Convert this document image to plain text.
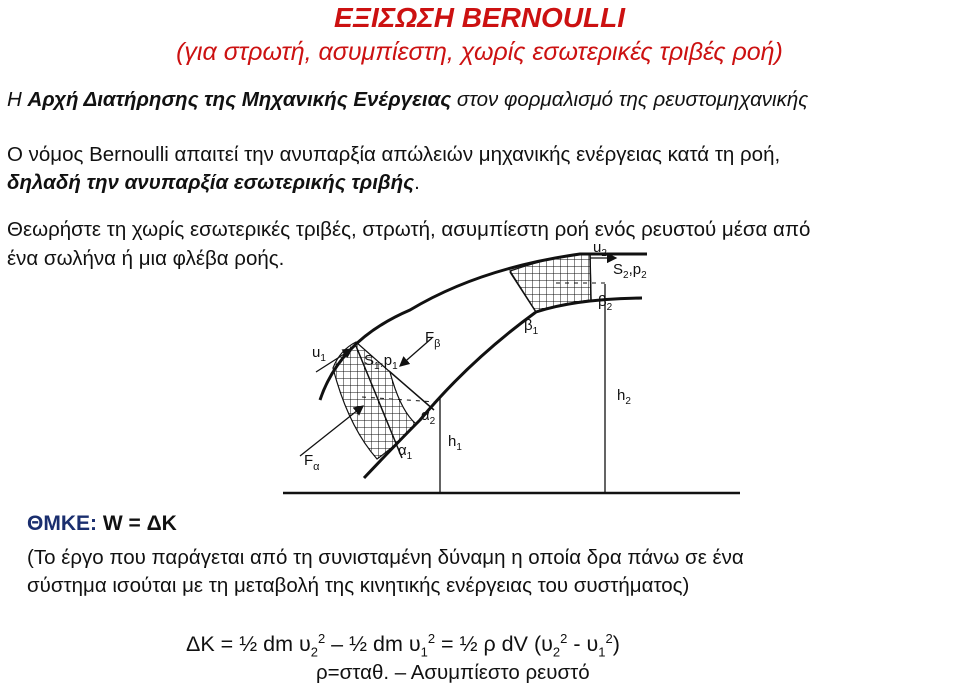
ΕΞΙΣΩΣΗ BERNOULLI
(για στρωτή, ασυμπίεστη, χωρίς εσωτερικές τριβές ροή)
Η Αρχή Διατήρησης της Μηχανικής Ενέργειας στον φορμαλισμό της ρευστομηχανικής
Ο νόμος Bernoulli απαιτεί την ανυπαρξία απώλειών μηχανικής ενέργειας κατά τη ροή,
δηλαδή την ανυπαρξία εσωτερικής τριβής.
Θεωρήστε τη χωρίς εσωτερικές τριβές, στρωτή, ασυμπίεστη ροή ενός ρευστού μέσα από
ένα σωλήνα ή μια φλέβα ροής.
$u_1$	$S_1,p_1$
$F_\beta$
$F_\alpha$
$\alpha_1$
$\alpha_2$
$h_1$
$\beta_1$
$\beta_2$
$u_2$
$S_2,p_2$
$h_2$
ΘΜΚΕ: W = ΔK
(Το έργο που παράγεται από τη συνισταμένη δύναμη η οποία δρα πάνω σε ένα
σύστημα ισούται με τη μεταβολή της κινητικής ενέργειας του συστήματος)
ΔK = ½ dm $\upsilon_2^2$ – ½ dm $\upsilon_1^2$ = ½ ρ dV $(\upsilon_2^2 - \upsilon_1^2)$
ρ=σταθ. – Ασυμπίεστο ρευστό
